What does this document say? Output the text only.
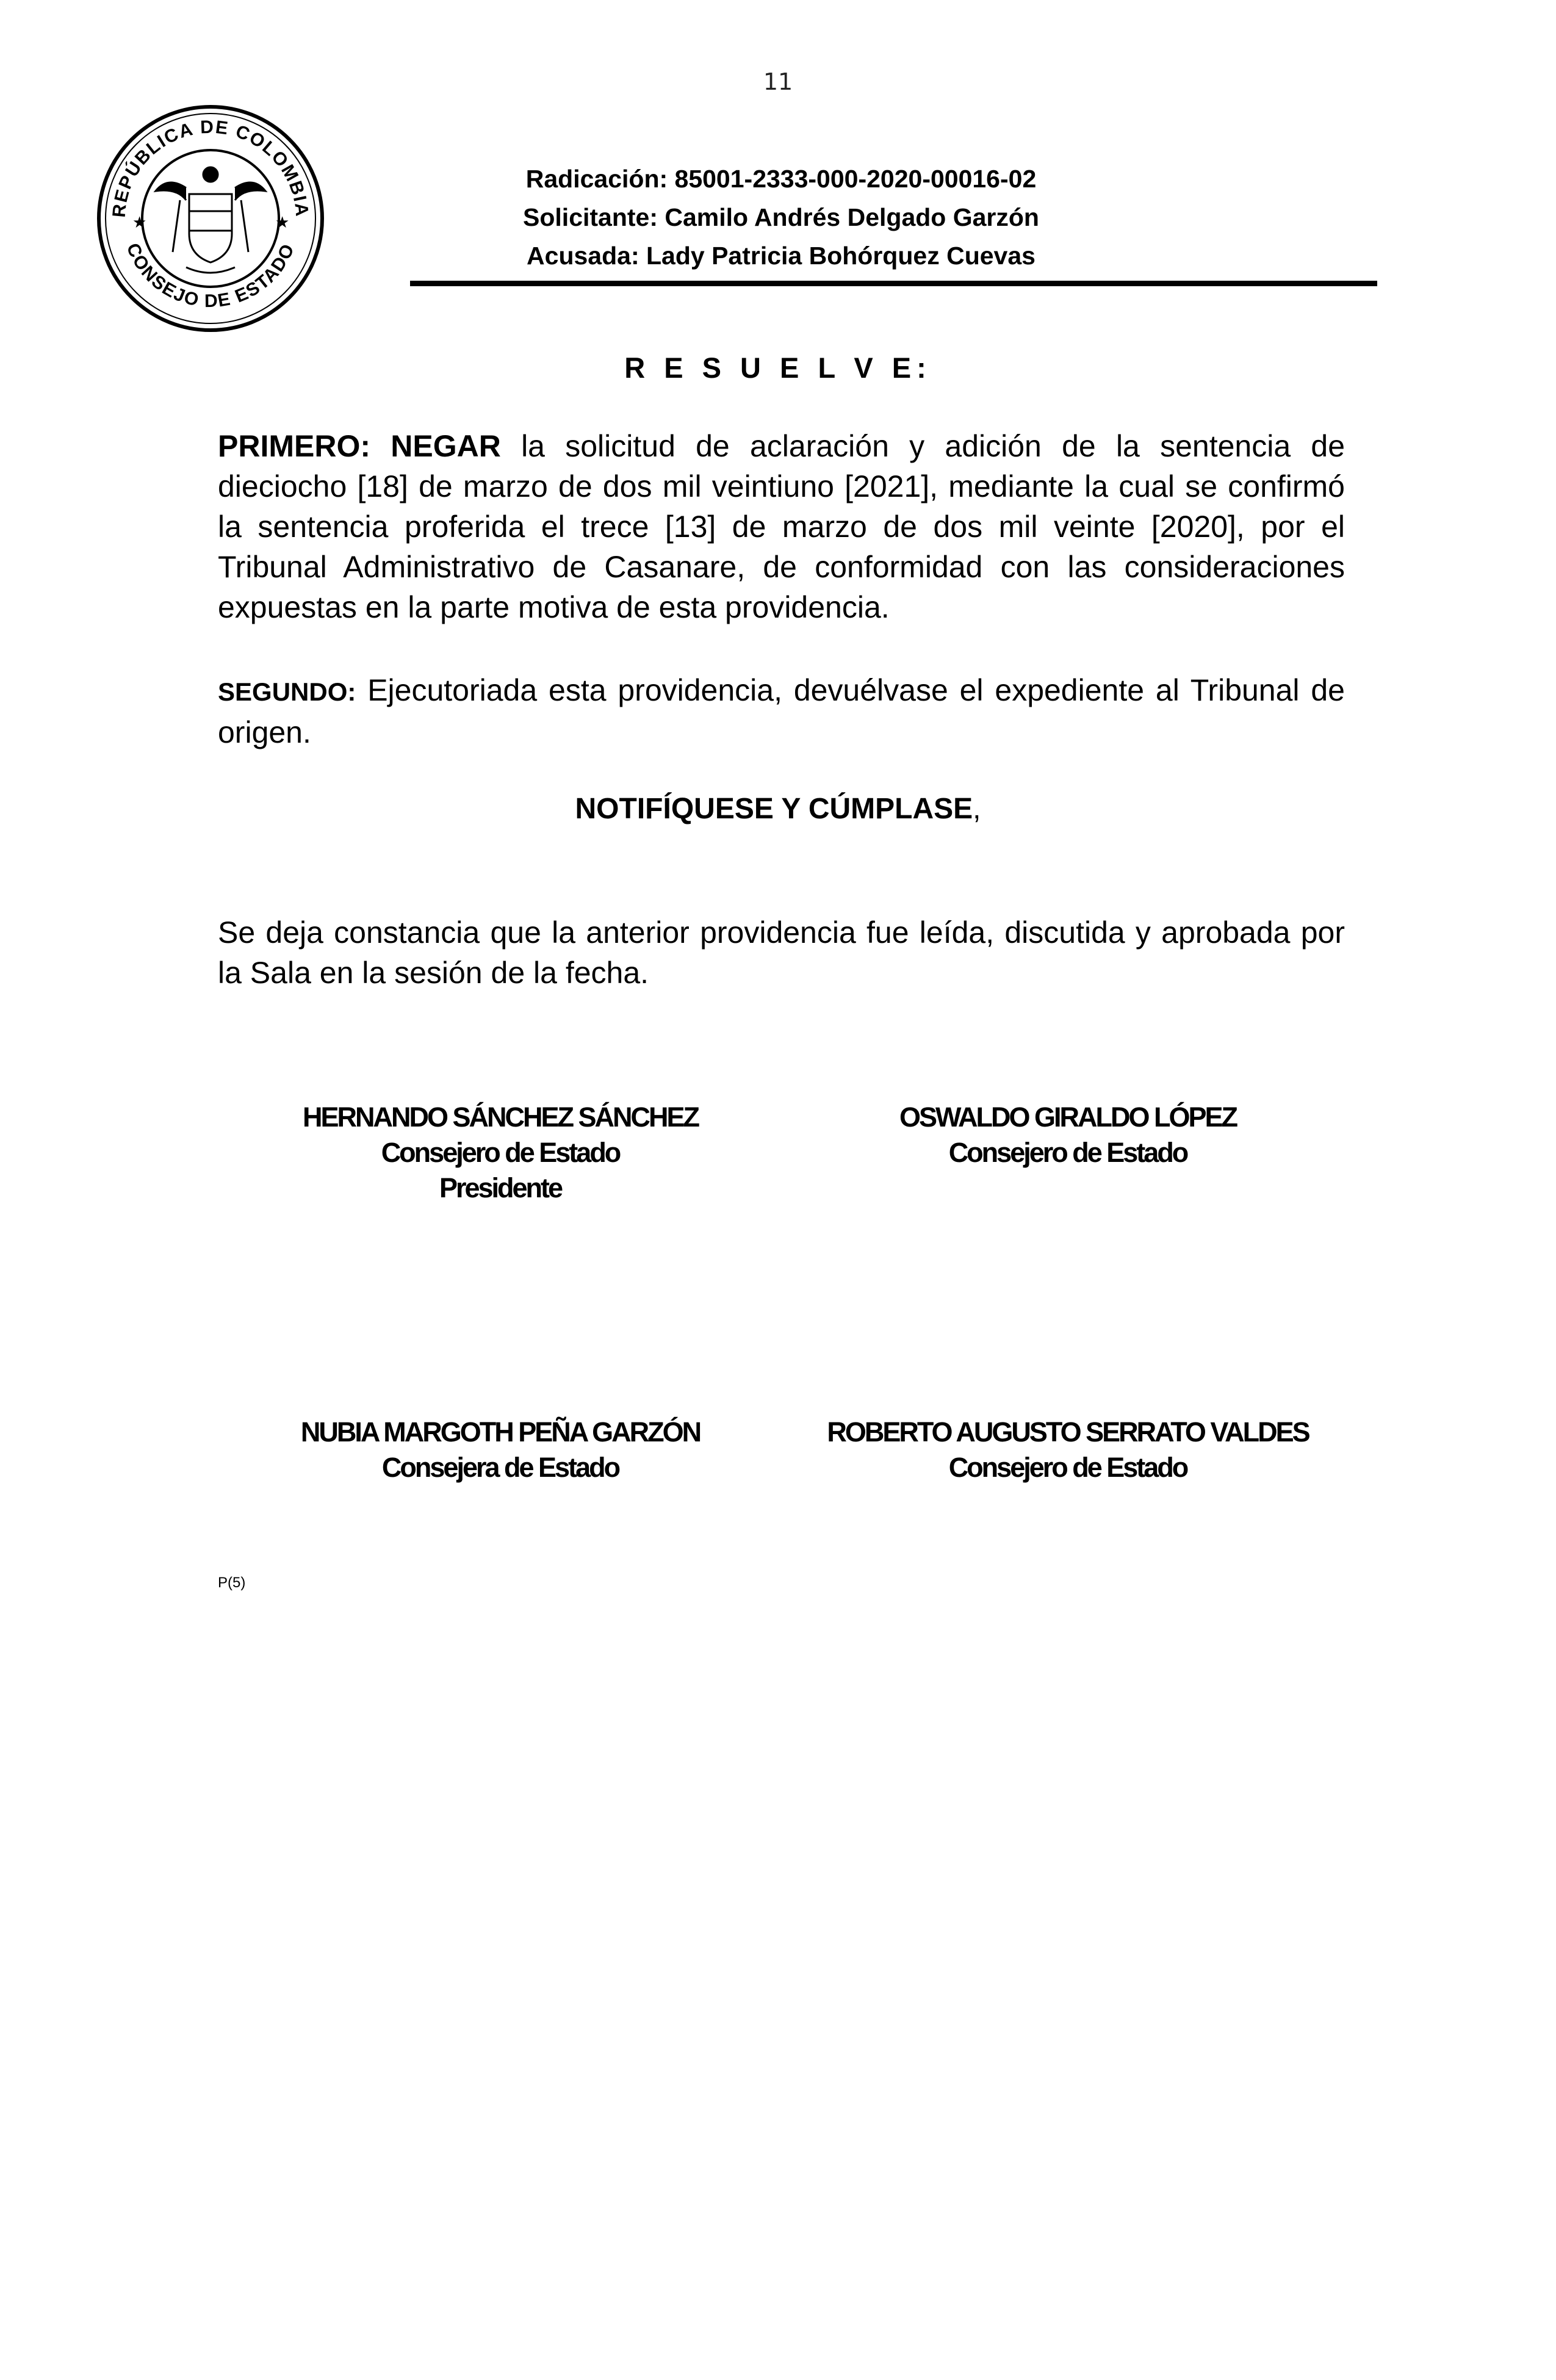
11
REPÚBLICA DE COLOMBIA
CONSEJO DE ESTADO
★	★
Radicación: 85001-2333-000-2020-00016-02
Solicitante: Camilo Andrés Delgado Garzón
Acusada: Lady Patricia Bohórquez Cuevas
R E S U E L V E:
PRIMERO: NEGAR la solicitud de aclaración y adición de la sentencia de dieciocho [18] de marzo de dos mil veintiuno [2021], mediante la cual se confirmó la sentencia proferida el trece [13] de marzo de dos mil veinte [2020], por el Tribunal Administrativo de Casanare, de conformidad con las consideraciones expuestas en la parte motiva de esta providencia.
SEGUNDO: Ejecutoriada esta providencia, devuélvase el expediente al Tribunal de origen.
NOTIFÍQUESE Y CÚMPLASE,
Se deja constancia que la anterior providencia fue leída, discutida y aprobada por la Sala en la sesión de la fecha.
HERNANDO SÁNCHEZ SÁNCHEZ
Consejero de Estado
Presidente
OSWALDO GIRALDO LÓPEZ
Consejero de Estado
NUBIA MARGOTH PEÑA GARZÓN
Consejera de Estado
ROBERTO AUGUSTO SERRATO VALDES
Consejero de Estado
P(5)
